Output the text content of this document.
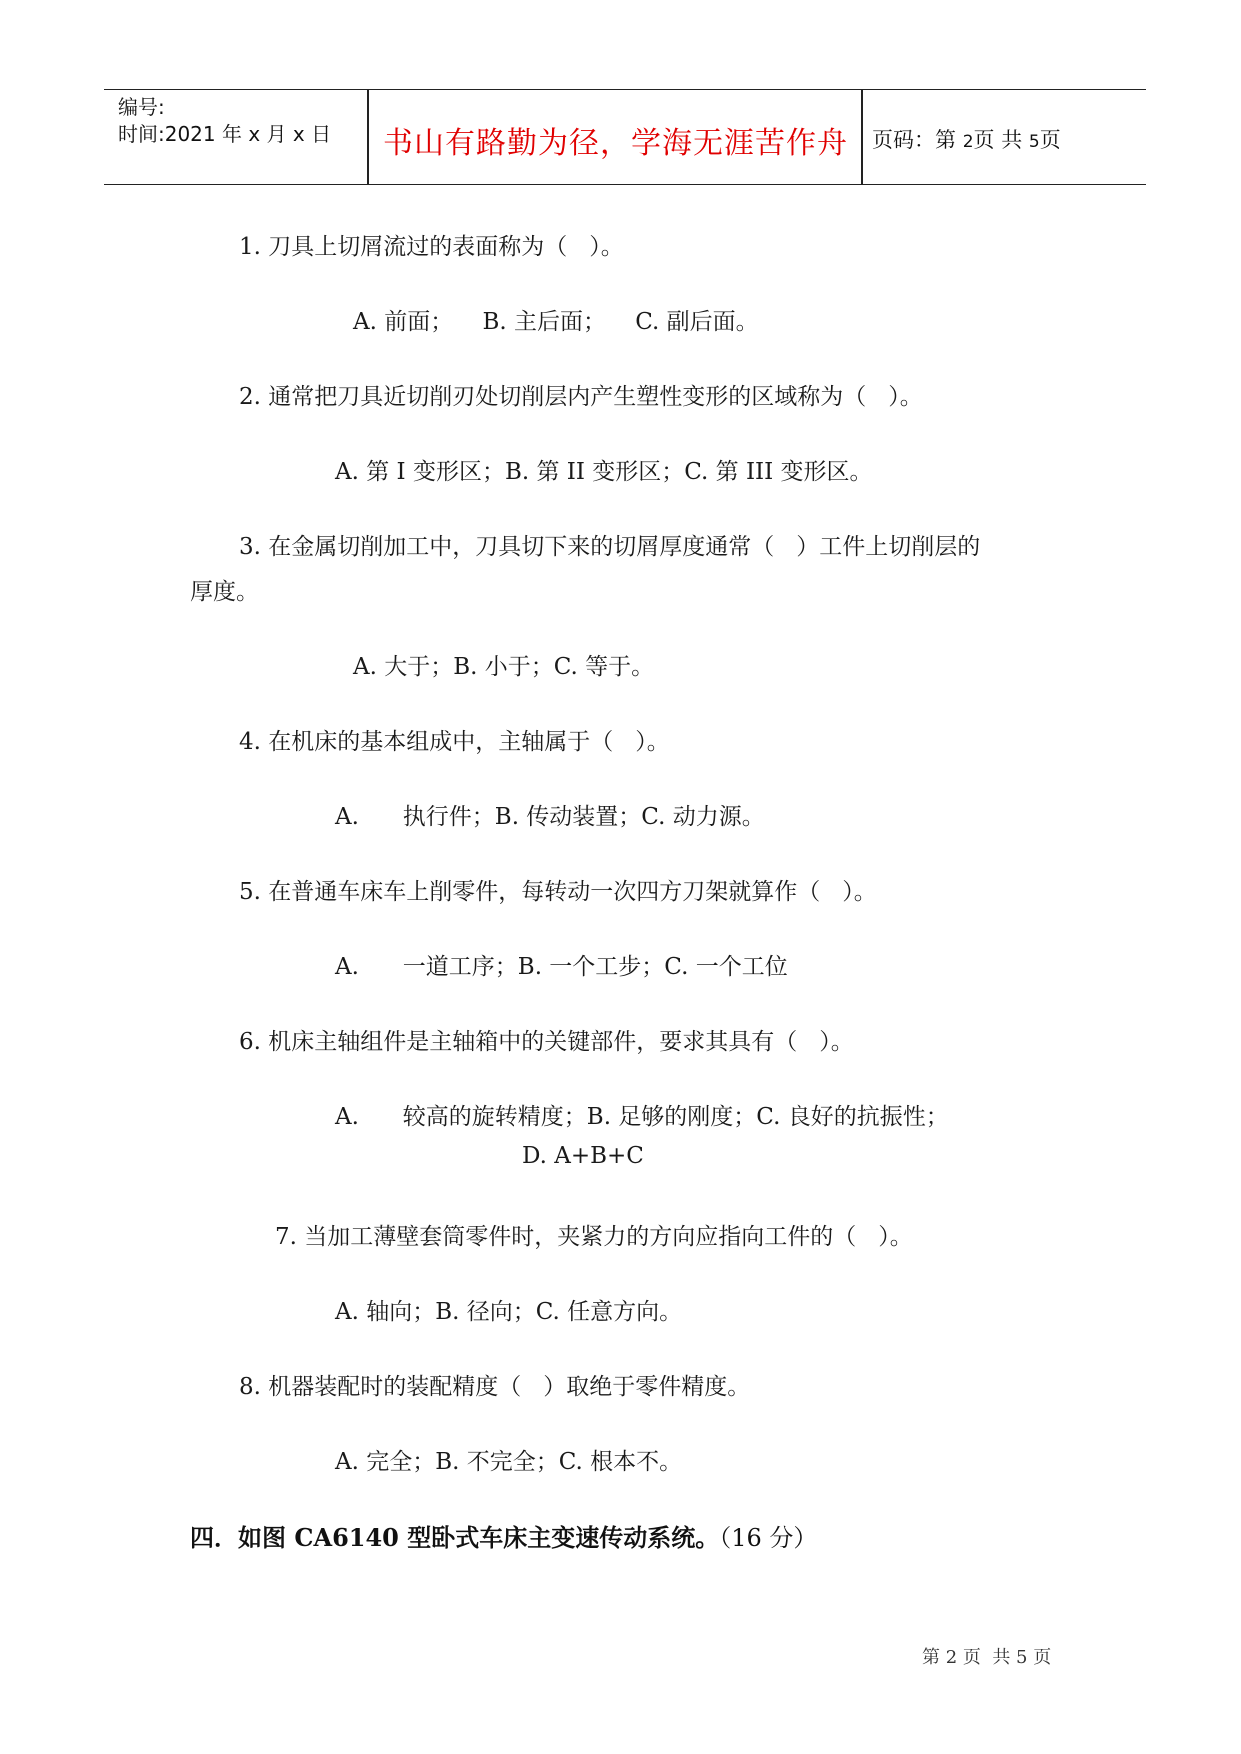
编号:
时间:2021 年 x 月 x 日	书山有路勤为径，学海无涯苦作舟	页码：第 2页 共 5页
1. 刀具上切屑流过的表面称为（   ）。
A. 前面；    B. 主后面；    C. 副后面。
2. 通常把刀具近切削刃处切削层内产生塑性变形的区域称为（   ）。
A. 第 I 变形区；B. 第 II 变形区；C. 第 III 变形区。
3. 在金属切削加工中，刀具切下来的切屑厚度通常（   ）工件上切削层的
厚度。
A. 大于；B. 小于；C. 等于。
4. 在机床的基本组成中，主轴属于（   ）。
A.      执行件；B. 传动装置；C. 动力源。
5. 在普通车床车上削零件，每转动一次四方刀架就算作（   ）。
A.      一道工序；B. 一个工步；C. 一个工位
6. 机床主轴组件是主轴箱中的关键部件，要求其具有（   ）。
A.      较高的旋转精度；B. 足够的刚度；C. 良好的抗振性；
D. A+B+C
7. 当加工薄壁套筒零件时，夹紧力的方向应指向工件的（   ）。
A. 轴向；B. 径向；C. 任意方向。
8. 机器装配时的装配精度（   ）取绝于零件精度。
A. 完全；B. 不完全；C. 根本不。
四．如图 CA6140 型卧式车床主变速传动系统。（16 分）
第 2 页  共 5 页
